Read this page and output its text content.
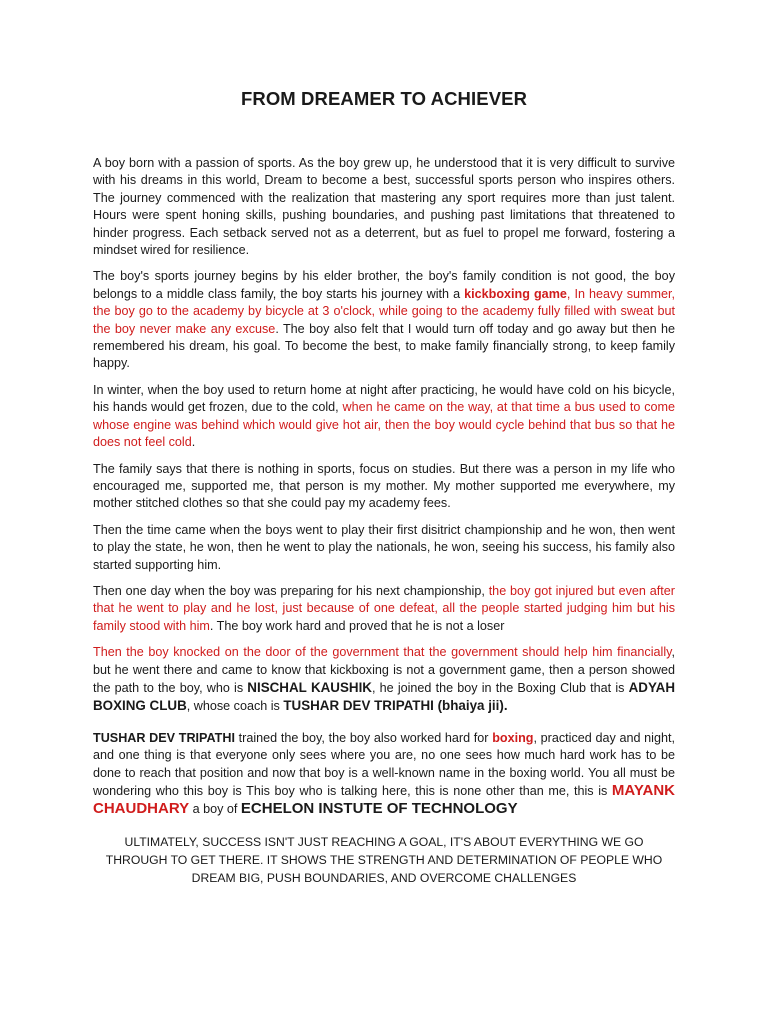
FROM DREAMER TO ACHIEVER

A boy born with a passion of sports. As the boy grew up, he understood that it is very difficult to survive with his dreams in this world, Dream to become a best, successful sports person who inspires others. The journey commenced with the realization that mastering any sport requires more than just talent. Hours were spent honing skills, pushing boundaries, and pushing past limitations that threatened to hinder progress. Each setback served not as a deterrent, but as fuel to propel me forward, fostering a mindset wired for resilience.

The boy's sports journey begins by his elder brother, the boy's family condition is not good, the boy belongs to a middle class family, the boy starts his journey with a kickboxing game, In heavy summer, the boy go to the academy by bicycle at 3 o'clock, while going to the academy fully filled with sweat but the boy never make any excuse. The boy also felt that I would turn off today and go away but then he remembered his dream, his goal. To become the best, to make family financially strong, to keep family happy.

In winter, when the boy used to return home at night after practicing, he would have cold on his bicycle, his hands would get frozen, due to the cold, when he came on the way, at that time a bus used to come whose engine was behind which would give hot air, then the boy would cycle behind that bus so that he does not feel cold.

The family says that there is nothing in sports, focus on studies. But there was a person in my life who encouraged me, supported me, that person is my mother. My mother supported me everywhere, my mother stitched clothes so that she could pay my academy fees.

Then the time came when the boys went to play their first disitrict championship and he won, then went to play the state, he won, then he went to play the nationals, he won, seeing his success, his family also started supporting him.

Then one day when the boy was preparing for his next championship, the boy got injured but even after that he went to play and he lost, just because of one defeat, all the people started judging him but his family stood with him. The boy work hard and proved that he is not a loser

Then the boy knocked on the door of the government that the government should help him financially, but he went there and came to know that kickboxing is not a government game, then a person showed the path to the boy, who is NISCHAL KAUSHIK, he joined the boy in the Boxing Club that is ADYAH BOXING CLUB, whose coach is TUSHAR DEV TRIPATHI (bhaiya jii).

TUSHAR DEV TRIPATHI trained the boy, the boy also worked hard for boxing, practiced day and night, and one thing is that everyone only sees where you are, no one sees how much hard work has to be done to reach that position and now that boy is a well-known name in the boxing world. You all must be wondering who this boy is This boy who is talking here, this is none other than me, this is MAYANK CHAUDHARY a boy of ECHELON INSTUTE OF TECHNOLOGY

ULTIMATELY, SUCCESS ISN'T JUST REACHING A GOAL, IT'S ABOUT EVERYTHING WE GO THROUGH TO GET THERE. IT SHOWS THE STRENGTH AND DETERMINATION OF PEOPLE WHO DREAM BIG, PUSH BOUNDARIES, AND OVERCOME CHALLENGES
